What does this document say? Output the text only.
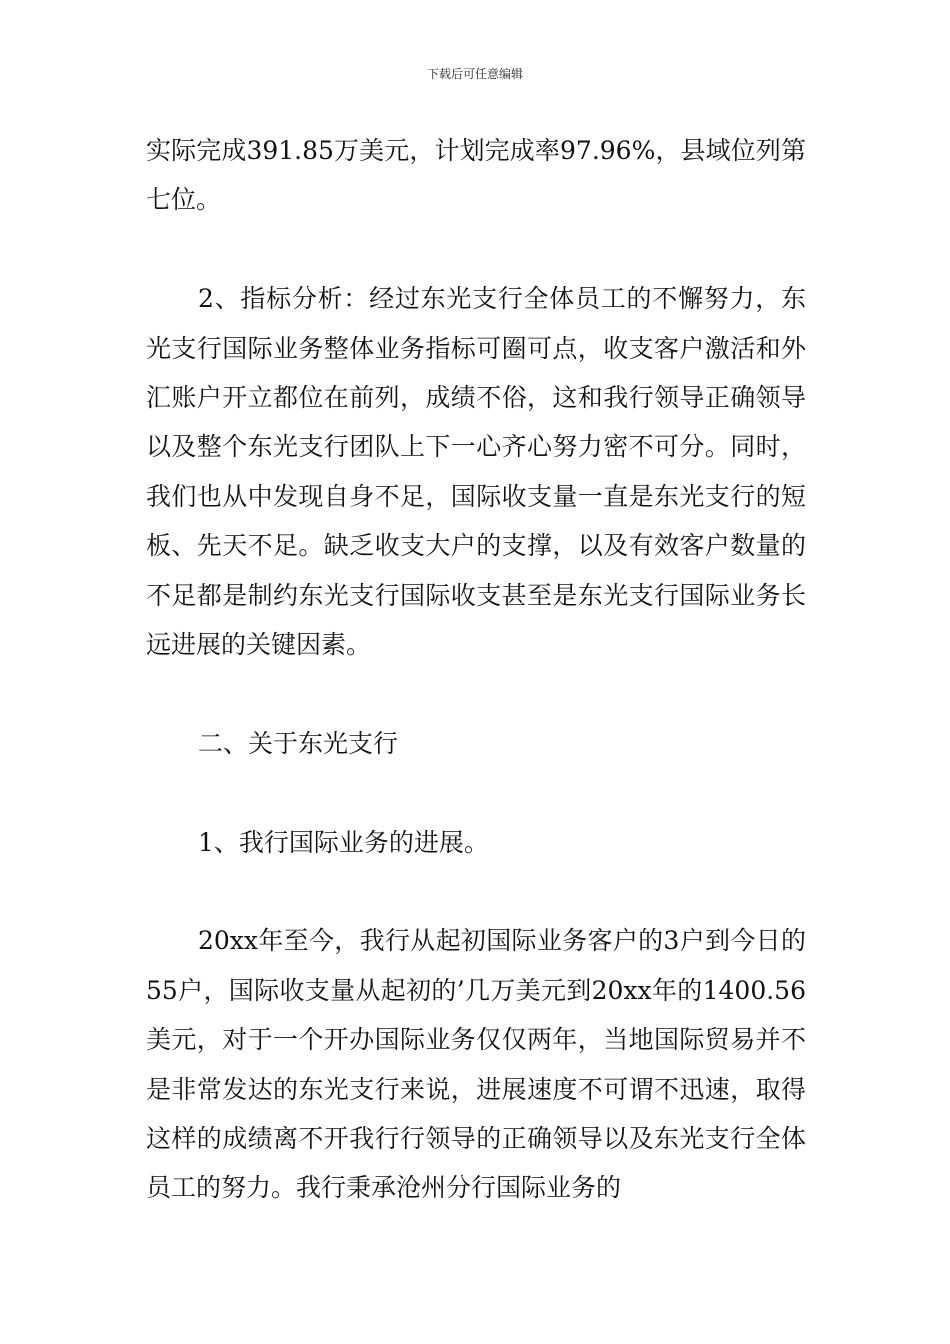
下载后可任意编辑

实际完成391.85万美元，计划完成率97.96%，县域位列第七位。

2、指标分析：经过东光支行全体员工的不懈努力，东光支行国际业务整体业务指标可圈可点，收支客户激活和外汇账户开立都位在前列，成绩不俗，这和我行领导正确领导以及整个东光支行团队上下一心齐心努力密不可分。同时，我们也从中发现自身不足，国际收支量一直是东光支行的短板、先天不足。缺乏收支大户的支撑，以及有效客户数量的不足都是制约东光支行国际收支甚至是东光支行国际业务长远进展的关键因素。

二、关于东光支行

1、我行国际业务的进展。

20xx年至今，我行从起初国际业务客户的3户到今日的55户，国际收支量从起初的’几万美元到20xx年的1400.56美元，对于一个开办国际业务仅仅两年，当地国际贸易并不是非常发达的东光支行来说，进展速度不可谓不迅速，取得这样的成绩离不开我行行领导的正确领导以及东光支行全体员工的努力。我行秉承沧州分行国际业务的
